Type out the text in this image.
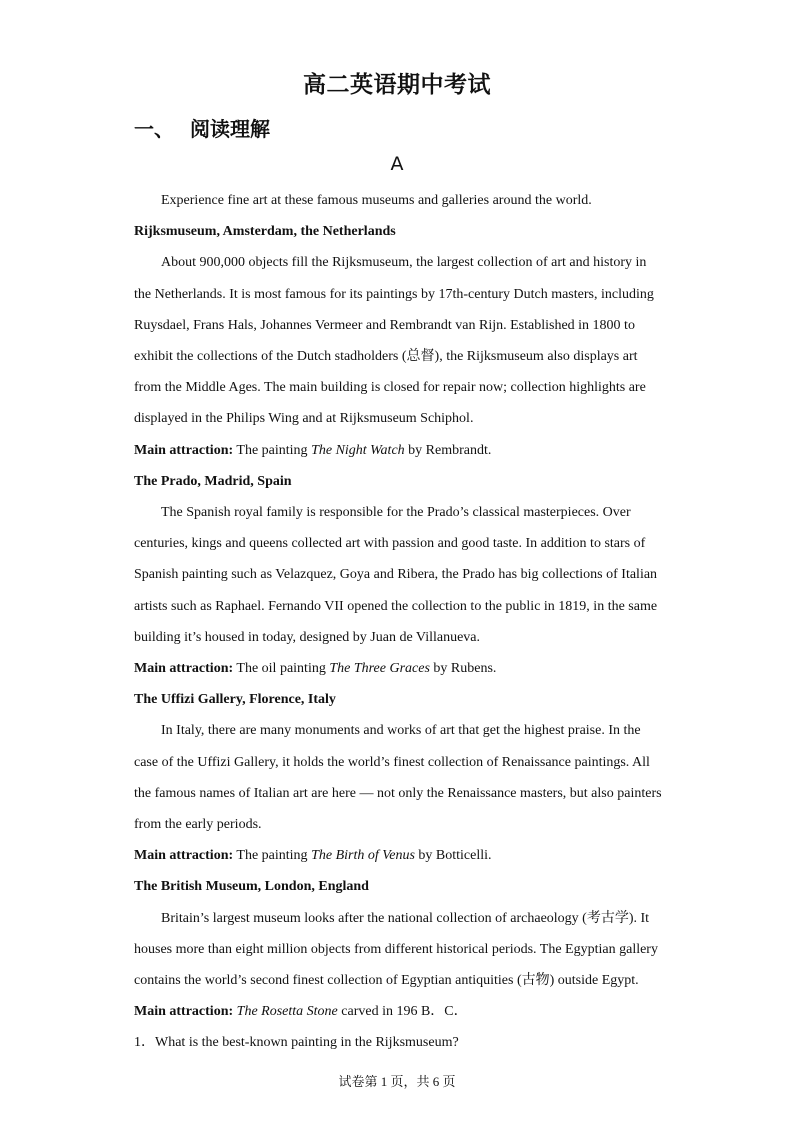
高二英语期中考试
一、 阅读理解
A

Experience fine art at these famous museums and galleries around the world.

Rijksmuseum, Amsterdam, the Netherlands

About 900,000 objects fill the Rijksmuseum, the largest collection of art and history in the Netherlands. It is most famous for its paintings by 17th-century Dutch masters, including Ruysdael, Frans Hals, Johannes Vermeer and Rembrandt van Rijn. Established in 1800 to exhibit the collections of the Dutch stadholders (总督), the Rijksmuseum also displays art from the Middle Ages. The main building is closed for repair now; collection highlights are displayed in the Philips Wing and at Rijksmuseum Schiphol.

Main attraction: The painting The Night Watch by Rembrandt.

The Prado, Madrid, Spain

The Spanish royal family is responsible for the Prado’s classical masterpieces. Over centuries, kings and queens collected art with passion and good taste. In addition to stars of Spanish painting such as Velazquez, Goya and Ribera, the Prado has big collections of Italian artists such as Raphael. Fernando VII opened the collection to the public in 1819, in the same building it’s housed in today, designed by Juan de Villanueva.

Main attraction: The oil painting The Three Graces by Rubens.

The Uffizi Gallery, Florence, Italy

In Italy, there are many monuments and works of art that get the highest praise. In the case of the Uffizi Gallery, it holds the world’s finest collection of Renaissance paintings. All the famous names of Italian art are here — not only the Renaissance masters, but also painters from the early periods.

Main attraction: The painting The Birth of Venus by Botticelli.

The British Museum, London, England

Britain’s largest museum looks after the national collection of archaeology (考古学). It houses more than eight million objects from different historical periods. The Egyptian gallery contains the world’s second finest collection of Egyptian antiquities (古物) outside Egypt.

Main attraction: The Rosetta Stone carved in 196 B．C．

1．What is the best-known painting in the Rijksmuseum?

试卷第 1 页，共 6 页
